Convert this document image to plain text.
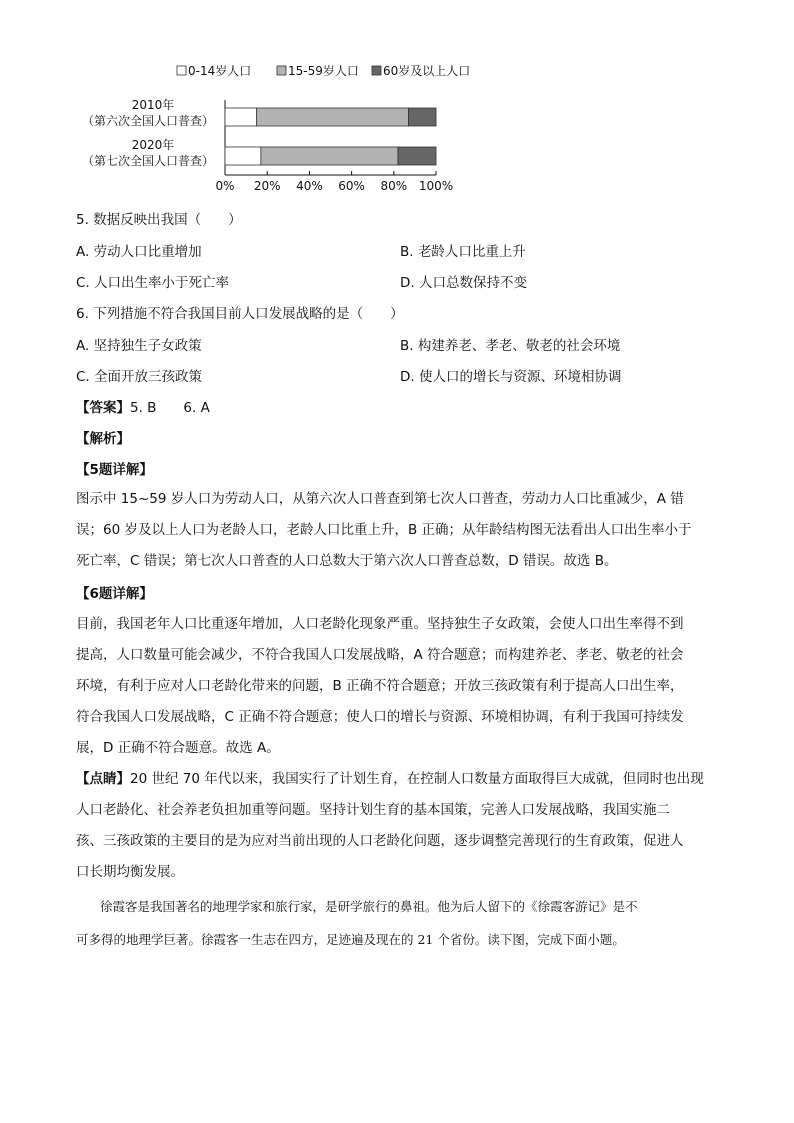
0-14岁人口	15-59岁人口 60岁及以上人口
2010年
（第六次全国人口普查）
2020年
（第七次全国人口普查）
0% 20% 40% 60% 80% 100%
5. 数据反映出我国（　　）
A. 劳动人口比重增加	B. 老龄人口比重上升
C. 人口出生率小于死亡率	D. 人口总数保持不变
6. 下列措施不符合我国目前人口发展战略的是（　　）
A. 坚持独生子女政策	B. 构建养老、孝老、敬老的社会环境
C. 全面开放三孩政策	D. 使人口的增长与资源、环境相协调
【答案】5. B　　6. A
【解析】
【5题详解】
图示中 15~59 岁人口为劳动人口，从第六次人口普查到第七次人口普查，劳动力人口比重减少，A 错
误；60 岁及以上人口为老龄人口，老龄人口比重上升，B 正确；从年龄结构图无法看出人口出生率小于
死亡率，C 错误；第七次人口普查的人口总数大于第六次人口普查总数，D 错误。故选 B。
【6题详解】
目前，我国老年人口比重逐年增加，人口老龄化现象严重。坚持独生子女政策，会使人口出生率得不到
提高，人口数量可能会减少，不符合我国人口发展战略，A 符合题意；而构建养老、孝老、敬老的社会
环境，有利于应对人口老龄化带来的问题，B 正确不符合题意；开放三孩政策有利于提高人口出生率，
符合我国人口发展战略，C 正确不符合题意；使人口的增长与资源、环境相协调，有利于我国可持续发
展，D 正确不符合题意。故选 A。
【点睛】20 世纪 70 年代以来，我国实行了计划生育，在控制人口数量方面取得巨大成就，但同时也出现
人口老龄化、社会养老负担加重等问题。坚持计划生育的基本国策，完善人口发展战略，我国实施二
孩、三孩政策的主要目的是为应对当前出现的人口老龄化问题，逐步调整完善现行的生育政策，促进人
口长期均衡发展。
徐霞客是我国著名的地理学家和旅行家，是研学旅行的鼻祖。他为后人留下的《徐霞客游记》是不
可多得的地理学巨著。徐霞客一生志在四方，足迹遍及现在的 21 个省份。读下图，完成下面小题。
